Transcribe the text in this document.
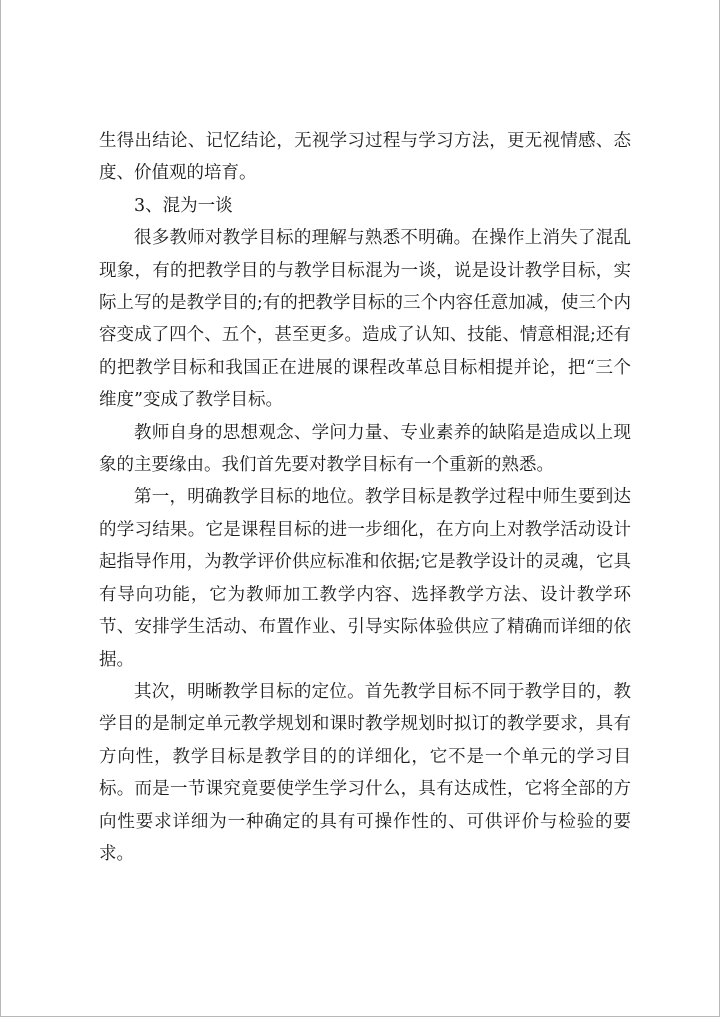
生得出结论、记忆结论，无视学习过程与学习方法，更无视情感、态度、价值观的培育。

3、混为一谈

很多教师对教学目标的理解与熟悉不明确。在操作上消失了混乱现象，有的把教学目的与教学目标混为一谈，说是设计教学目标，实际上写的是教学目的;有的把教学目标的三个内容任意加减，使三个内容变成了四个、五个，甚至更多。造成了认知、技能、情意相混;还有的把教学目标和我国正在进展的课程改革总目标相提并论，把“三个维度”变成了教学目标。

教师自身的思想观念、学问力量、专业素养的缺陷是造成以上现象的主要缘由。我们首先要对教学目标有一个重新的熟悉。

第一，明确教学目标的地位。教学目标是教学过程中师生要到达的学习结果。它是课程目标的进一步细化，在方向上对教学活动设计起指导作用，为教学评价供应标准和依据;它是教学设计的灵魂，它具有导向功能，它为教师加工教学内容、选择教学方法、设计教学环节、安排学生活动、布置作业、引导实际体验供应了精确而详细的依据。

其次，明晰教学目标的定位。首先教学目标不同于教学目的，教学目的是制定单元教学规划和课时教学规划时拟订的教学要求，具有方向性，教学目标是教学目的的详细化，它不是一个单元的学习目标。而是一节课究竟要使学生学习什么，具有达成性，它将全部的方向性要求详细为一种确定的具有可操作性的、可供评价与检验的要求。
